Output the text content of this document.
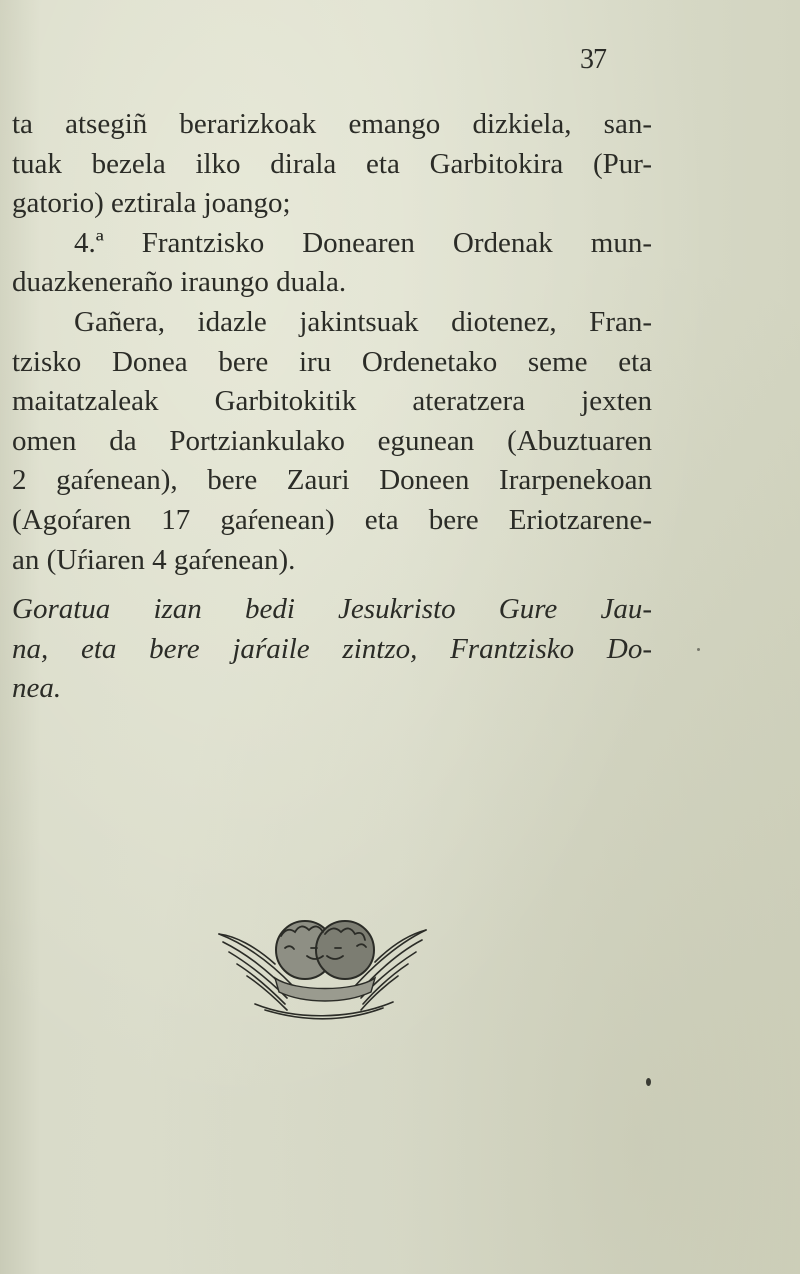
37
ta atsegiñ berarizkoak emango dizkiela, san-
tuak bezela ilko dirala eta Garbitokira (Pur-
gatorio) eztirala joango;
4.ª Frantzisko Donearen Ordenak mun-
duazkeneraño iraungo duala.
Gañera, idazle jakintsuak diotenez, Fran-
tzisko Donea bere iru Ordenetako seme eta
maitatzaleak Garbitokitik ateratzera jexten
omen da Portziankulako egunean (Abuztuaren
2 gaŕenean), bere Zauri Doneen Irarpenekoan
(Agoŕaren 17 gaŕenean) eta bere Eriotzarene-
an (Uŕiaren 4 gaŕenean).
Goratua izan bedi Jesukristo Gure Jau-
na, eta bere jaŕaile zintzo, Frantzisko Do-
nea.
